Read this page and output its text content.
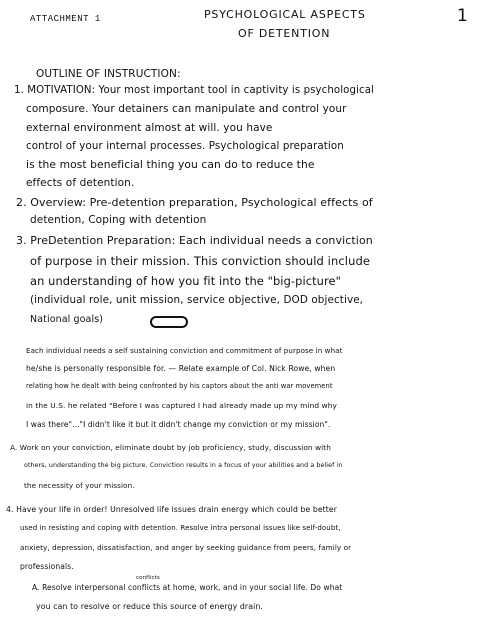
ATTACHMENT 1	PSYCHOLOGICAL ASPECTS
OF DETENTION
1
OUTLINE OF INSTRUCTION:
1. MOTIVATION: Your most important tool in captivity is psychological
composure. Your detainers can manipulate and control your
external environment almost at will. you have
control of your internal processes. Psychological preparation
is the most beneficial thing you can do to reduce the
effects of detention.
2. Overview: Pre-detention preparation, Psychological effects of
detention, Coping with detention
3. PreDetention Preparation: Each individual needs a conviction
of purpose in their mission. This conviction should include
an understanding of how you fit into the "big-picture"
(individual role, unit mission, service objective, DOD objective,
National goals)
Each individual needs a self sustaining conviction and commitment of purpose in what
he/she is personally responsible for. — Relate example of Col. Nick Rowe, when
relating how he dealt with being confronted by his captors about the anti war movement
in the U.S. he related "Before I was captured I had already made up my mind why
I was there"..."I didn't like it but it didn't change my conviction or my mission".
A. Work on your conviction, eliminate doubt by job proficiency, study, discussion with
others, understanding the big picture. Conviction results in a focus of your abilities and a belief in
the necessity of your mission.
4. Have your life in order! Unresolved life issues drain energy which could be better
used in resisting and coping with detention. Resolve intra personal issues like self-doubt,
anxiety, depression, dissatisfaction, and anger by seeking guidance from peers, family or
professionals.
A. Resolve interpersonal conflicts at home, work, and in your social life. Do what
conflicts
you can to resolve or reduce this source of energy drain.
